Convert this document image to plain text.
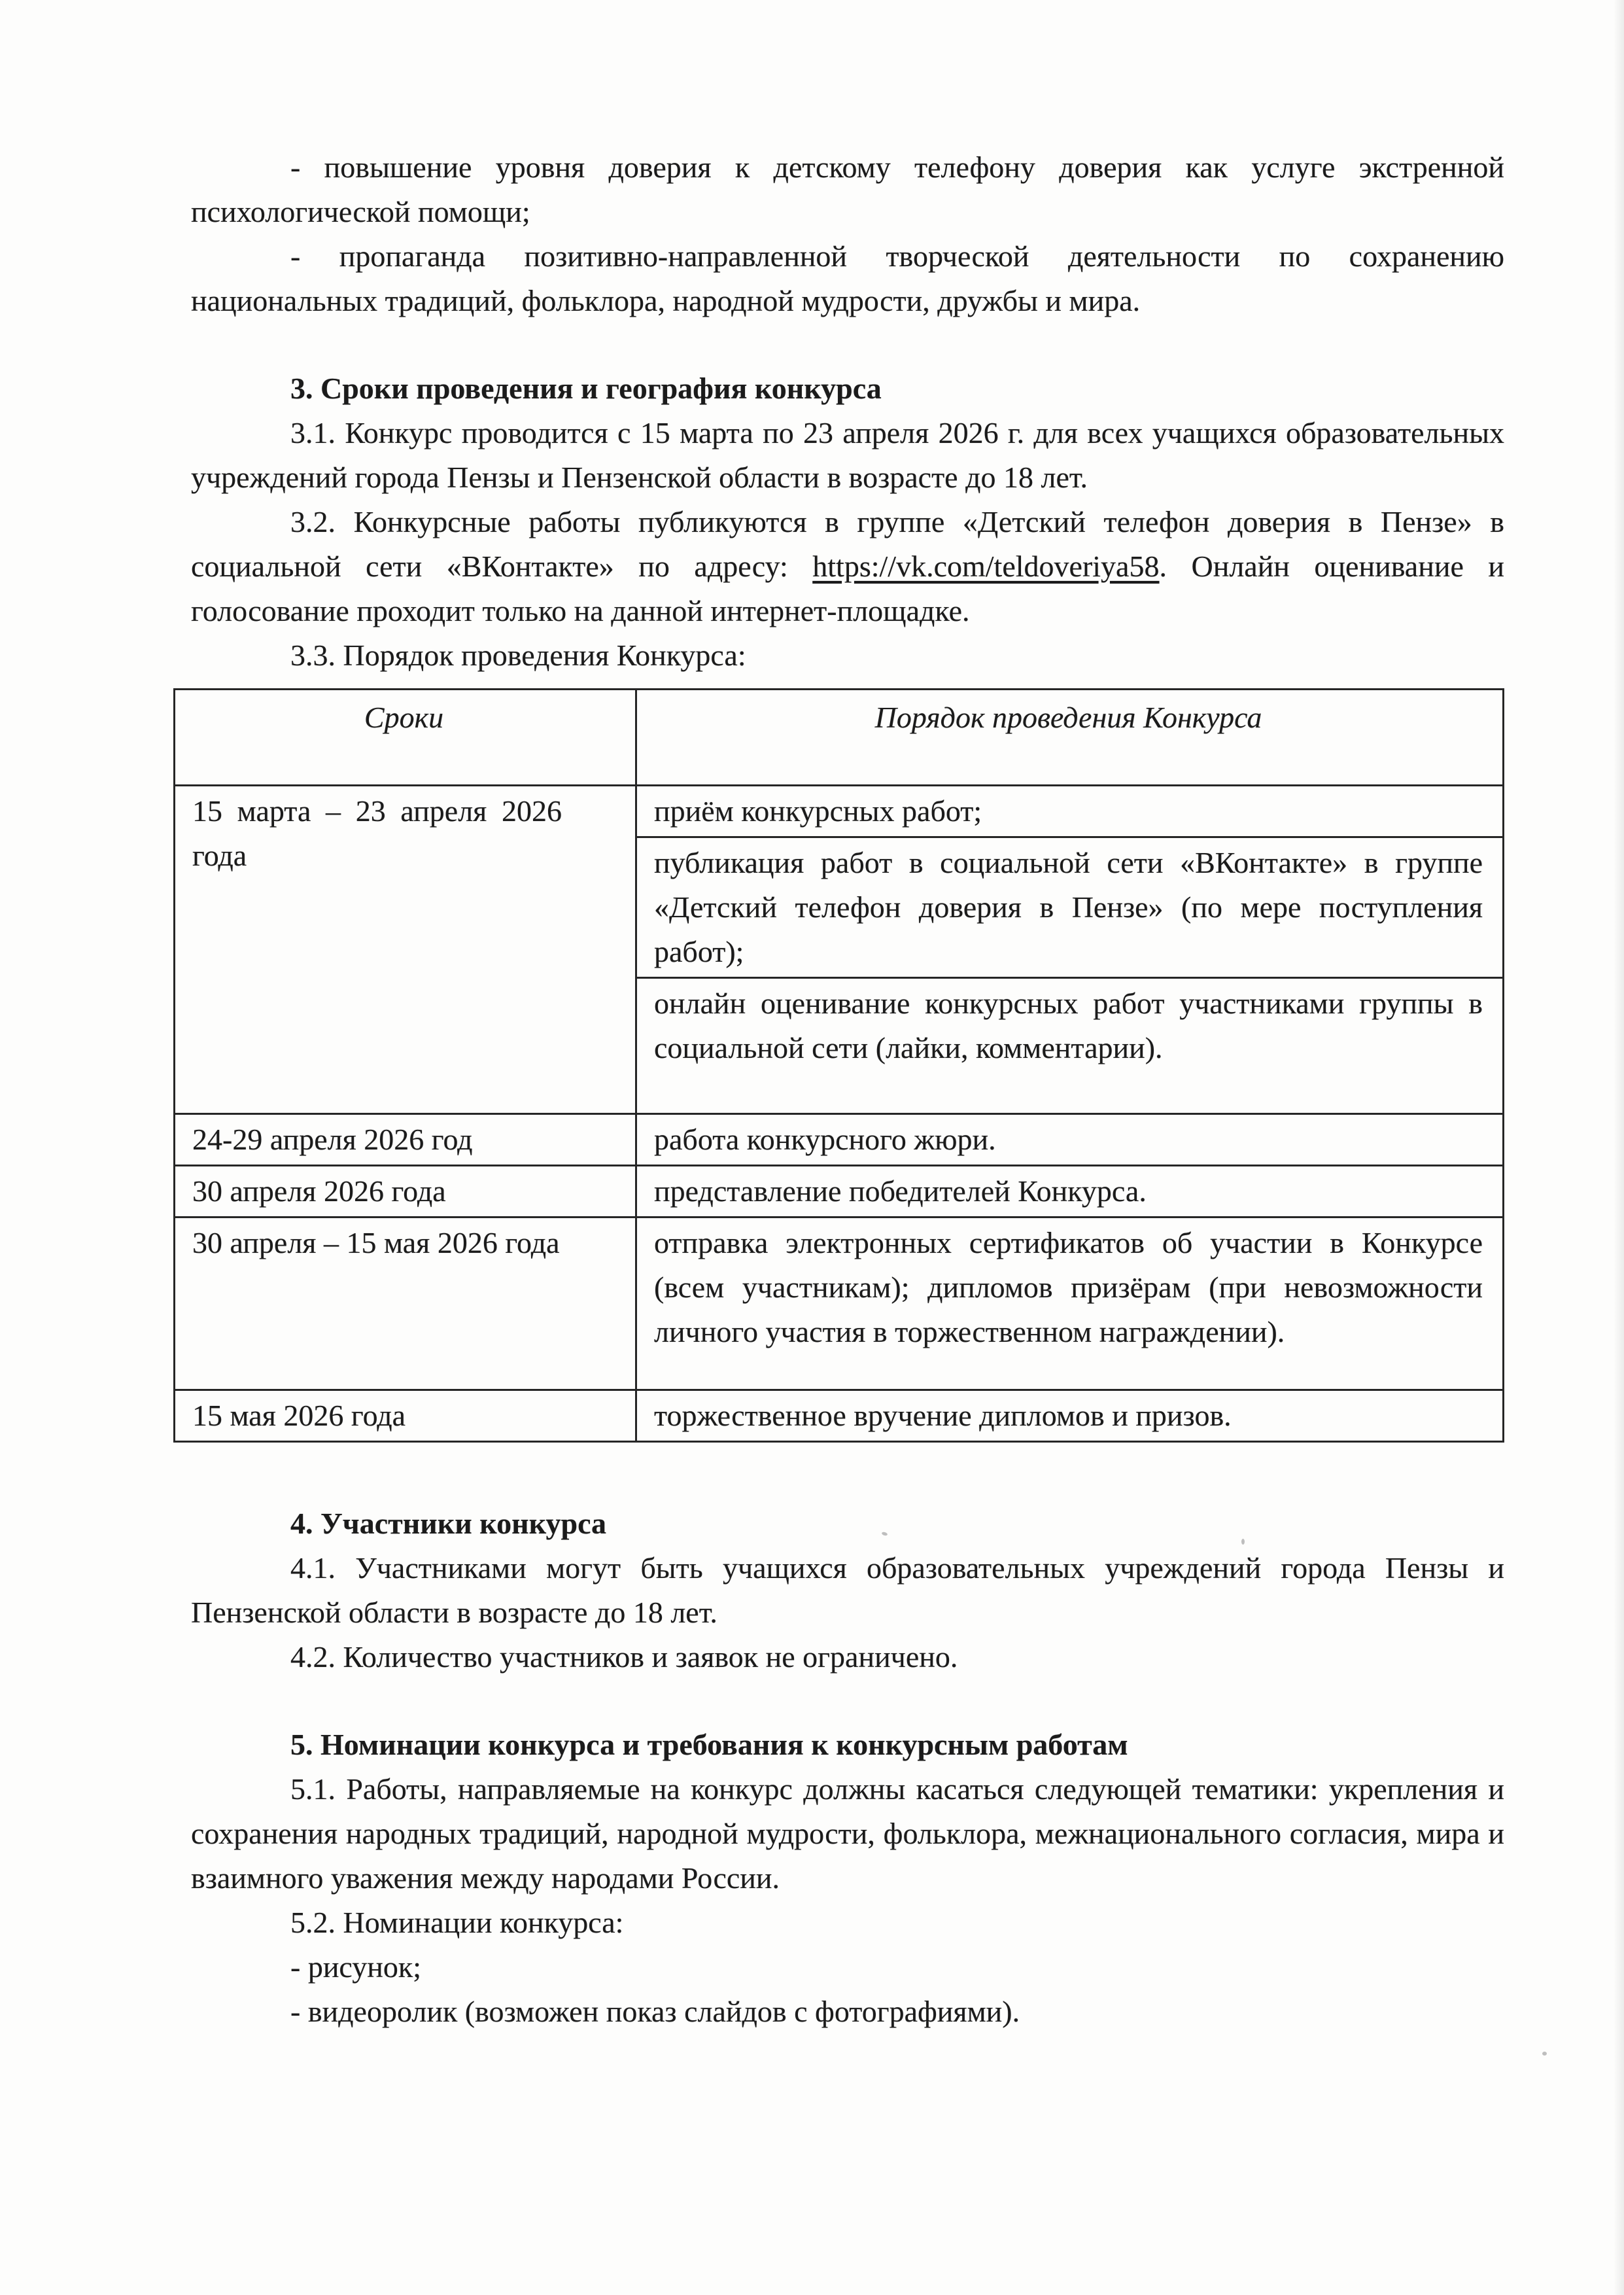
- повышение уровня доверия к детскому телефону доверия как услуге экстренной психологической помощи;

- пропаганда позитивно-направленной творческой деятельности по сохранению национальных традиций, фольклора, народной мудрости, дружбы и мира.

3. Сроки проведения и география конкурса

3.1. Конкурс проводится с 15 марта по 23 апреля 2026 г. для всех учащихся образовательных учреждений города Пензы и Пензенской области в возрасте до 18 лет.

3.2. Конкурсные работы публикуются в группе «Детский телефон доверия в Пензе» в социальной сети «ВКонтакте» по адресу: https://vk.com/teldoveriya58. Онлайн оценивание и голосование проходит только на данной интернет-площадке.

3.3. Порядок проведения Конкурса:

Сроки	Порядок проведения Конкурса

15 марта – 23 апреля 2026 года	приём конкурсных работ;
	публикация работ в социальной сети «ВКонтакте» в группе «Детский телефон доверия в Пензе» (по мере поступления работ);
	онлайн оценивание конкурсных работ участниками группы в социальной сети (лайки, комментарии).

24-29 апреля 2026 год	работа конкурсного жюри.

30 апреля 2026 года	представление победителей Конкурса.

30 апреля – 15 мая 2026 года	отправка электронных сертификатов об участии в Конкурсе (всем участникам); дипломов призёрам (при невозможности личного участия в торжественном награждении).

15 мая 2026 года	торжественное вручение дипломов и призов.
4. Участники конкурса

4.1. Участниками могут быть учащихся образовательных учреждений города Пензы и Пензенской области в возрасте до 18 лет.

4.2. Количество участников и заявок не ограничено.

5. Номинации конкурса и требования к конкурсным работам

5.1. Работы, направляемые на конкурс должны касаться следующей тематики: укрепления и сохранения народных традиций, народной мудрости, фольклора, межнационального согласия, мира и взаимного уважения между народами России.

5.2. Номинации конкурса:

- рисунок;

- видеоролик (возможен показ слайдов с фотографиями).
